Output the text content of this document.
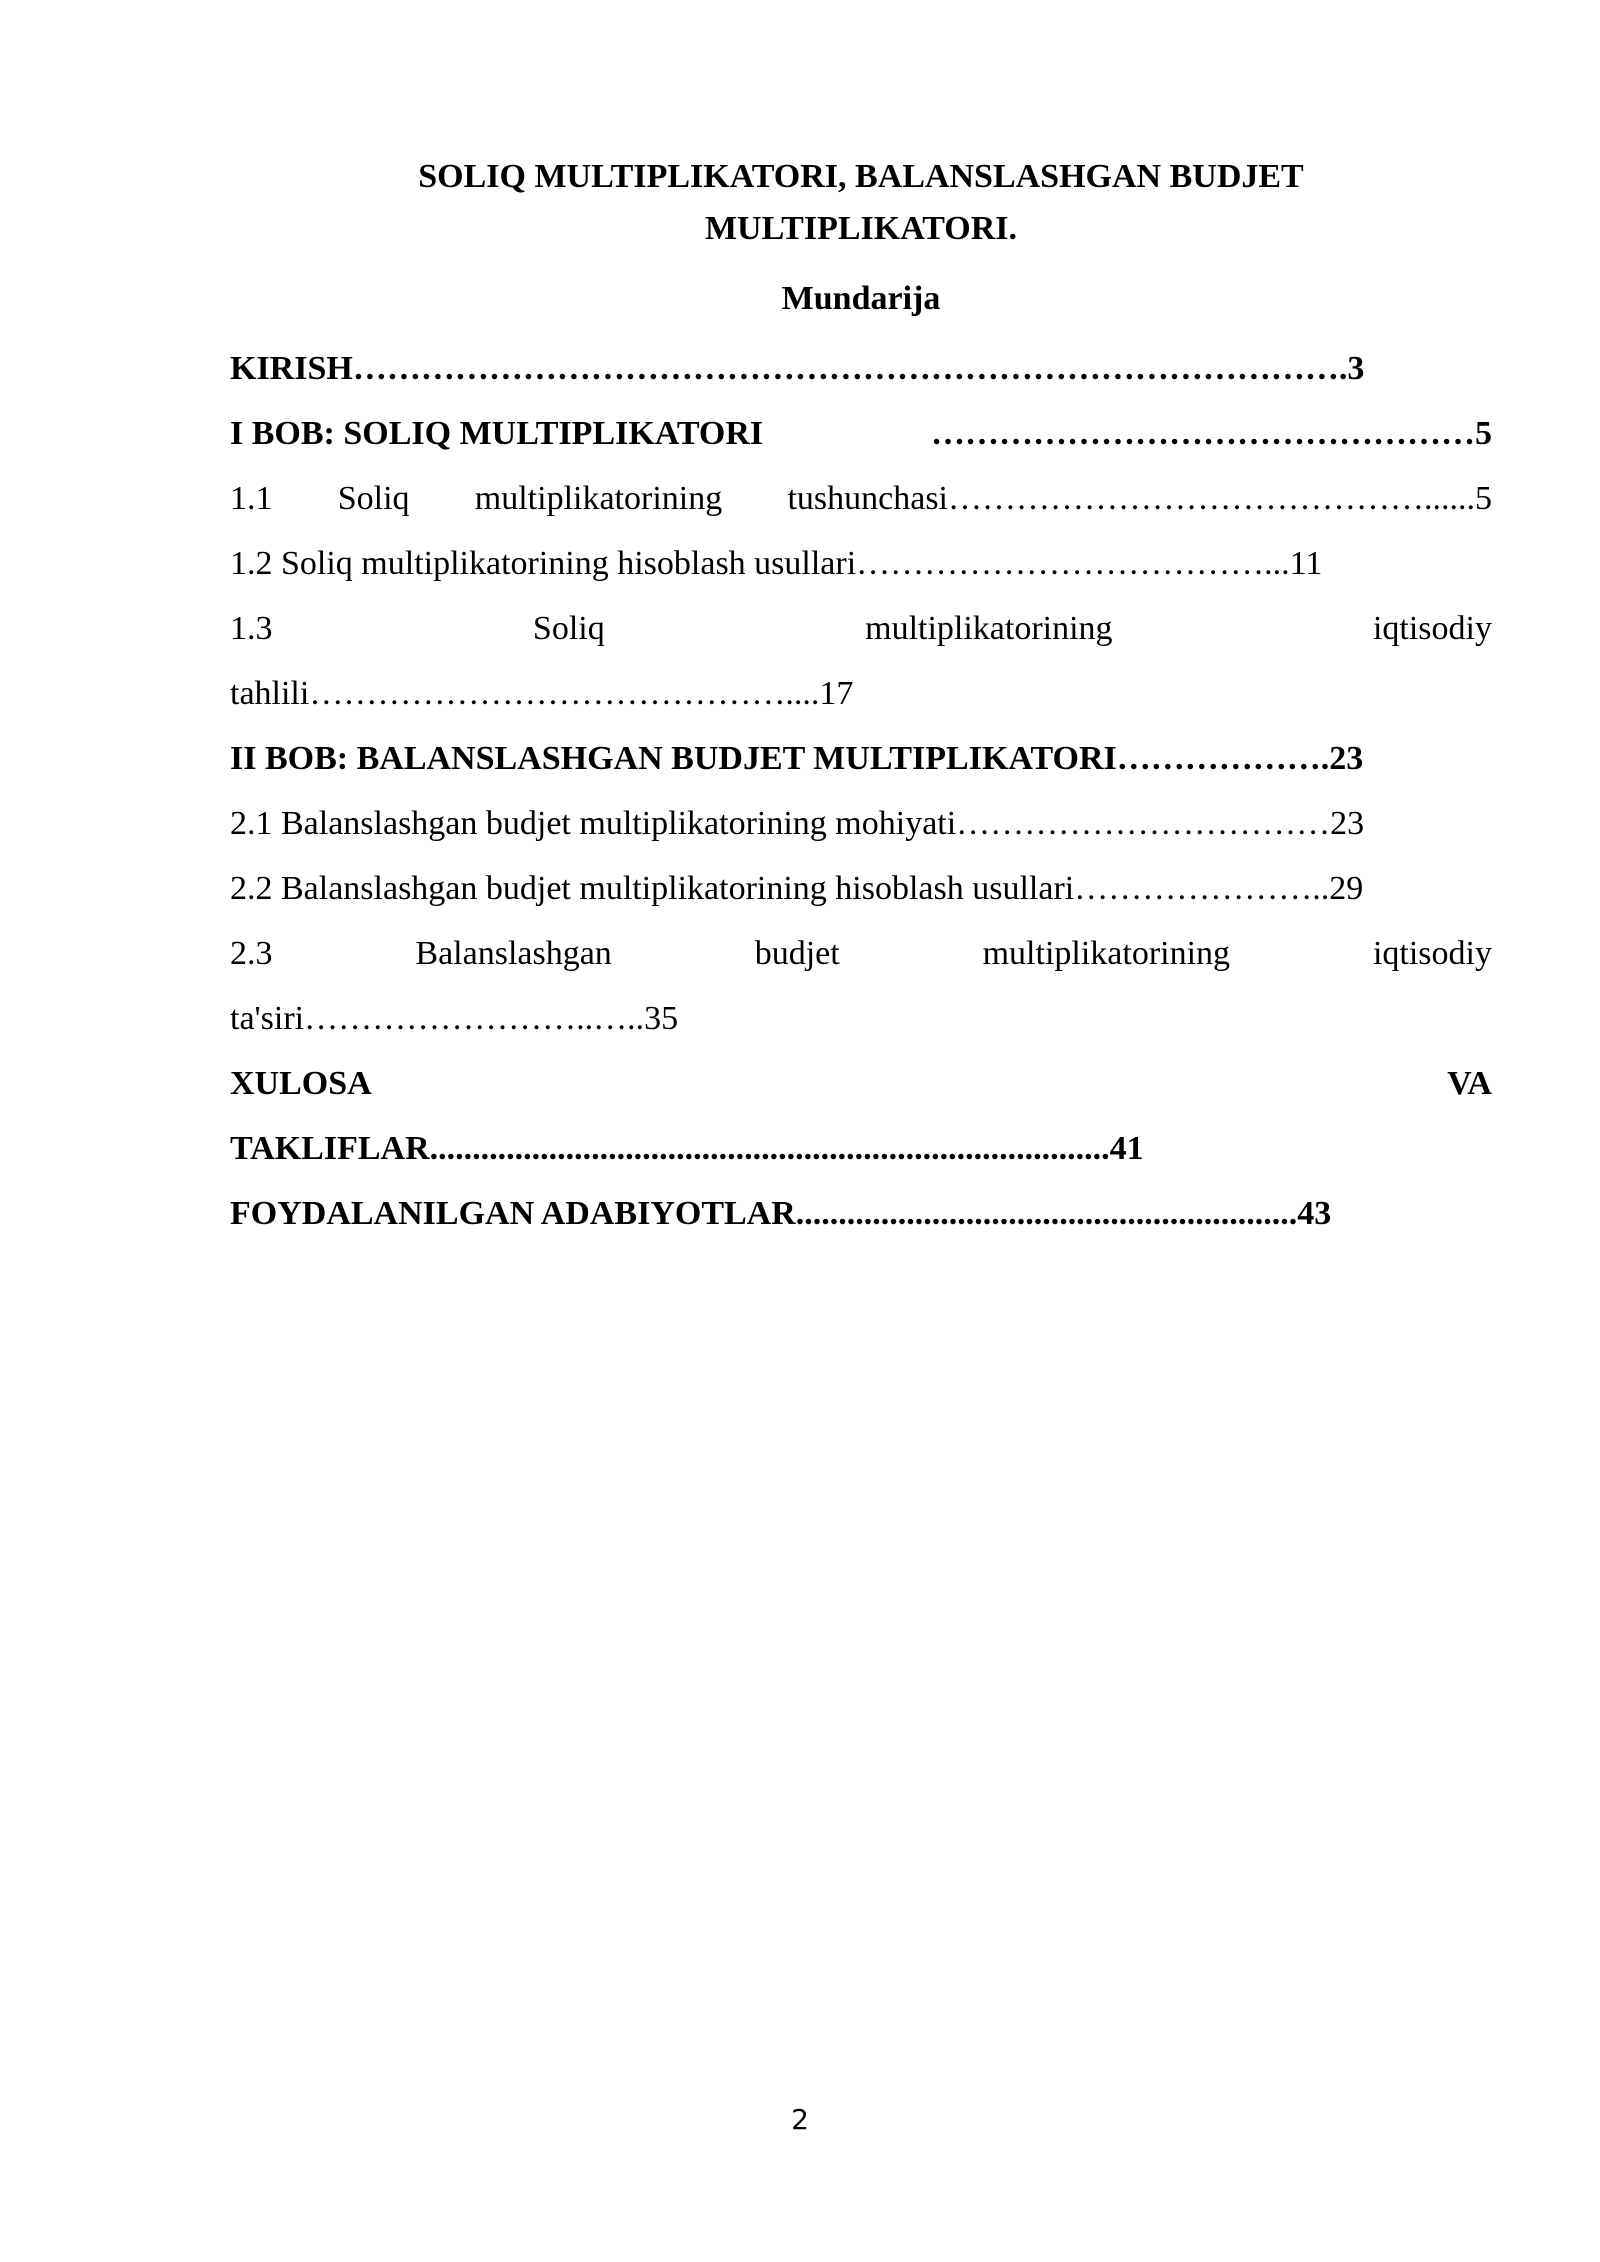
SOLIQ MULTIPLIKATORI, BALANSLASHGAN BUDJET
MULTIPLIKATORI.
Mundarija
KIRISH…………………………………………………………………………….3
I BOB: SOLIQ MULTIPLIKATORI	…………………………………………5
1.1 Soliq multiplikatorining tushunchasi……………………………………......5
1.2 Soliq multiplikatorining hisoblash usullari………………………………...11
1.3	Soliq	multiplikatorining	iqtisodiy
tahlili……………………………………....17
II BOB: BALANSLASHGAN BUDJET MULTIPLIKATORI……………….23
2.1 Balanslashgan budjet multiplikatorining mohiyati……………………………23
2.2 Balanslashgan budjet multiplikatorining hisoblash usullari…………………..29
2.3	Balanslashgan	budjet	multiplikatorining	iqtisodiy
ta'siri……………………..…..35
XULOSA	VA
TAKLIFLAR................................................................................41
FOYDALANILGAN ADABIYOTLAR...........................................................43
2
